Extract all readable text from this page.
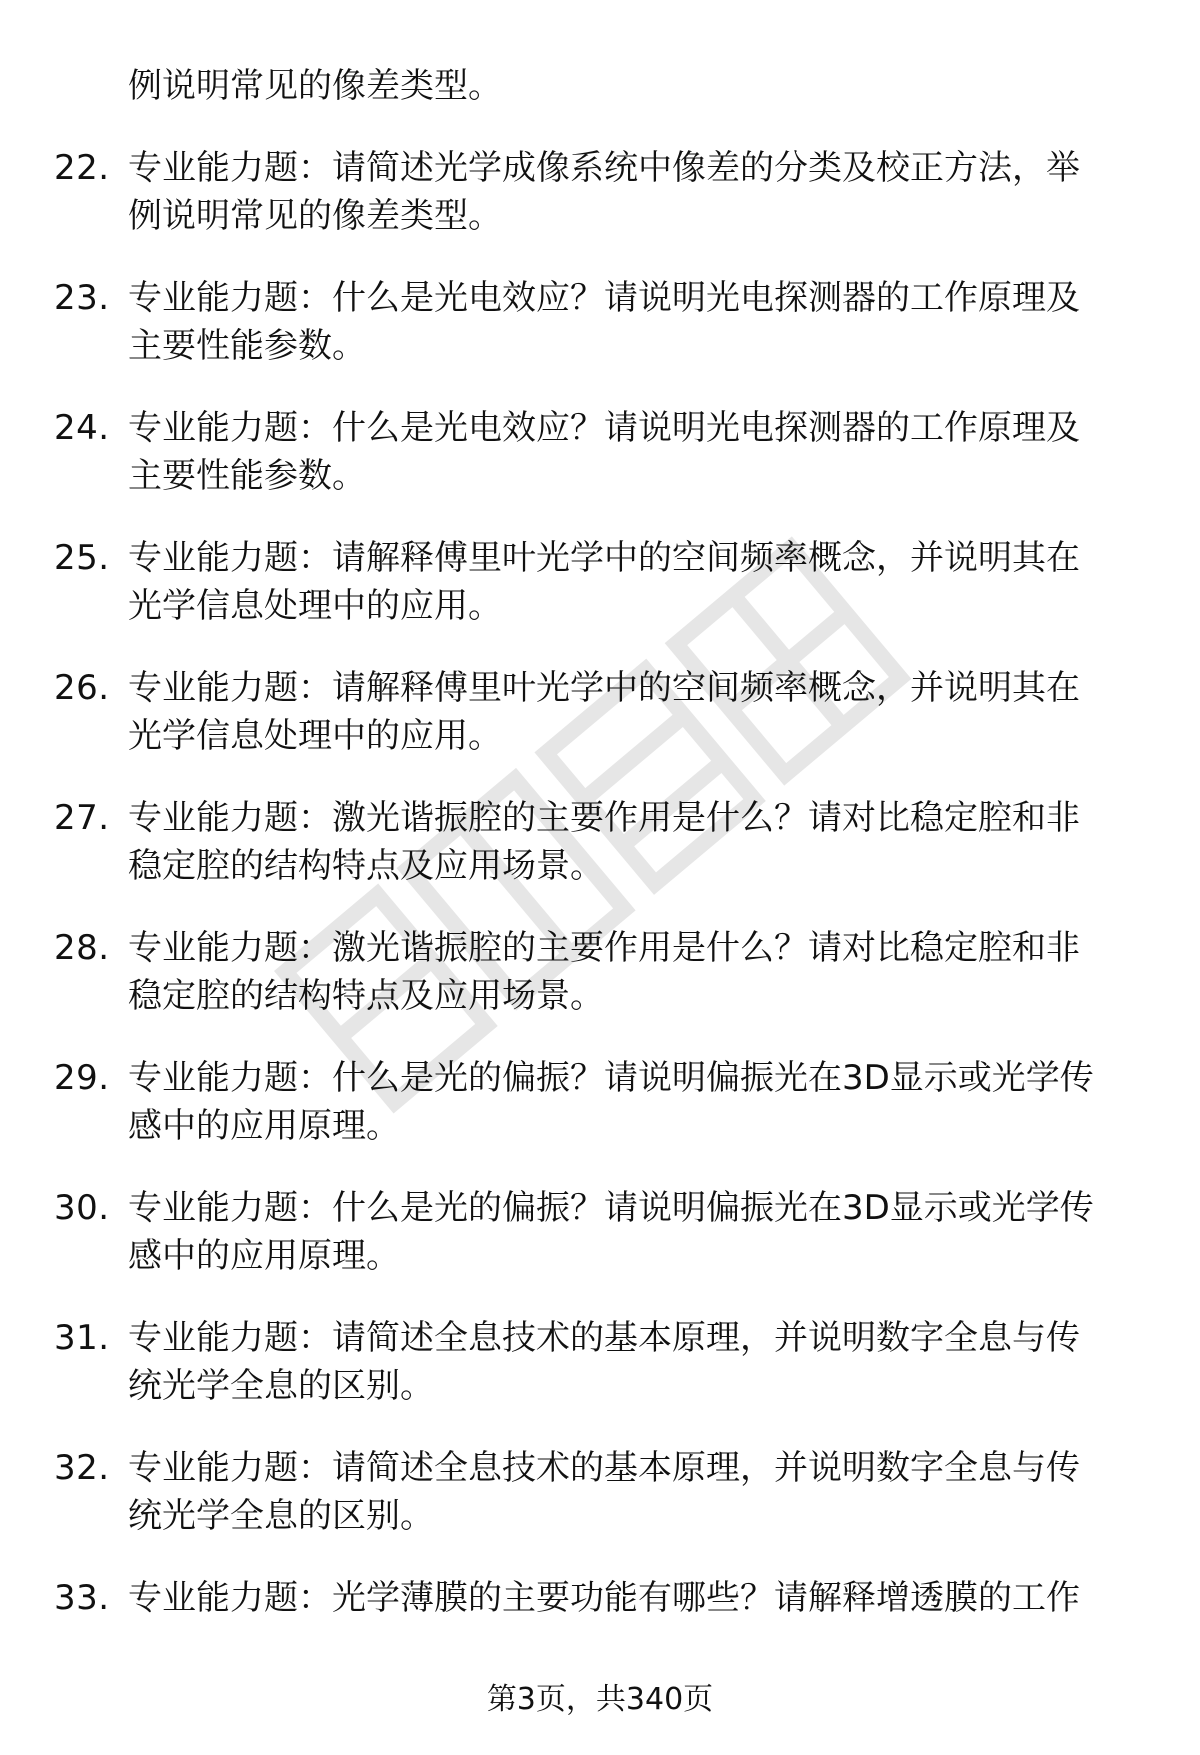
例说明常见的像差类型。
22. 专业能力题：请简述光学成像系统中像差的分类及校正方法，举
例说明常见的像差类型。
23. 专业能力题：什么是光电效应？请说明光电探测器的工作原理及
主要性能参数。
24. 专业能力题：什么是光电效应？请说明光电探测器的工作原理及
主要性能参数。
25. 专业能力题：请解释傅里叶光学中的空间频率概念，并说明其在
光学信息处理中的应用。
26. 专业能力题：请解释傅里叶光学中的空间频率概念，并说明其在
光学信息处理中的应用。
27. 专业能力题：激光谐振腔的主要作用是什么？请对比稳定腔和非
稳定腔的结构特点及应用场景。
28. 专业能力题：激光谐振腔的主要作用是什么？请对比稳定腔和非
稳定腔的结构特点及应用场景。
29. 专业能力题：什么是光的偏振？请说明偏振光在3D显示或光学传
感中的应用原理。
30. 专业能力题：什么是光的偏振？请说明偏振光在3D显示或光学传
感中的应用原理。
31. 专业能力题：请简述全息技术的基本原理，并说明数字全息与传
统光学全息的区别。
32. 专业能力题：请简述全息技术的基本原理，并说明数字全息与传
统光学全息的区别。
33. 专业能力题：光学薄膜的主要功能有哪些？请解释增透膜的工作
第3页，共340页
